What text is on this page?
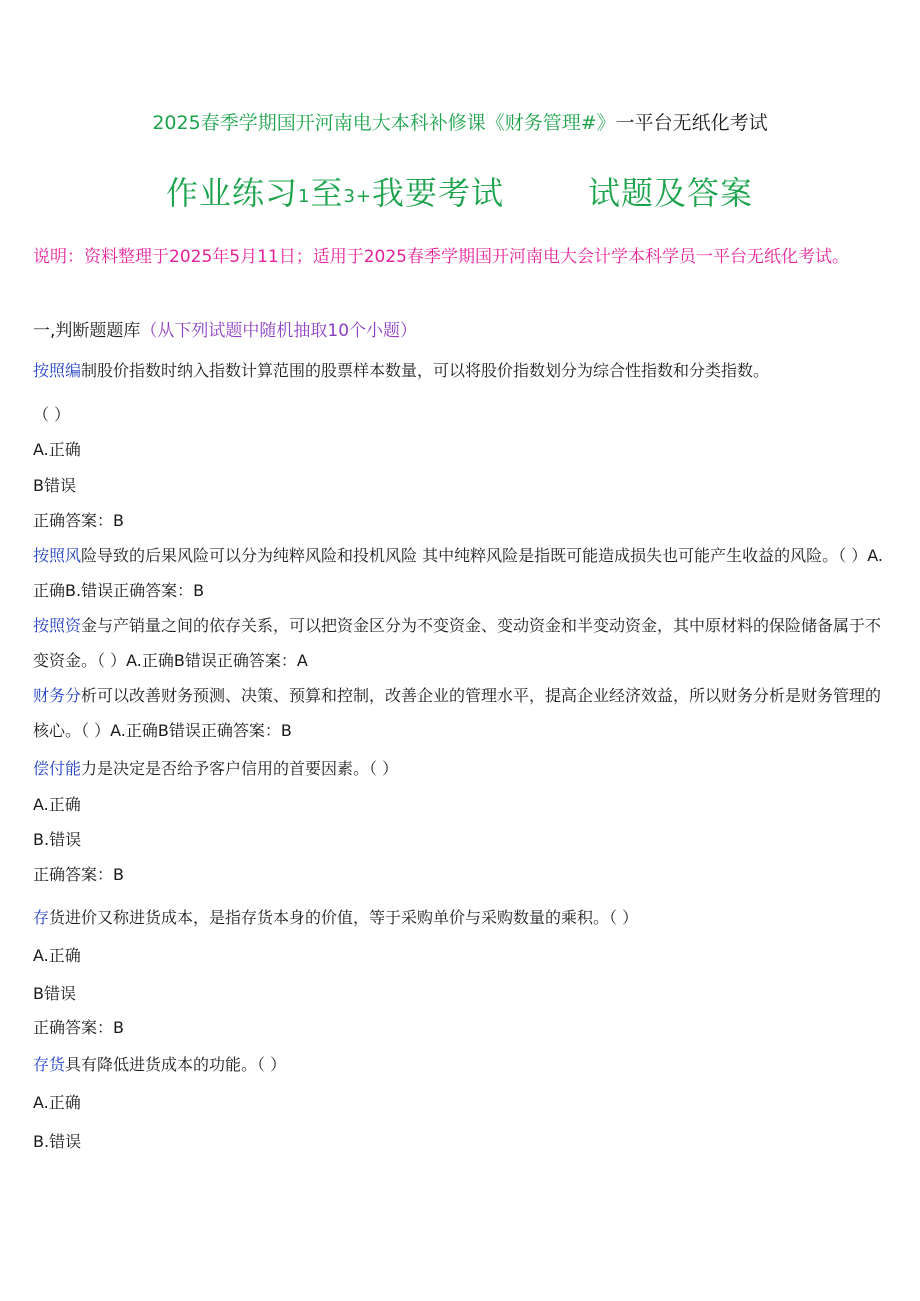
2025春季学期国开河南电大本科补修课《财务管理#》一平台无纸化考试
作业练习1至3+我要考试	试题及答案
说明：资料整理于2025年5月11日；适用于2025春季学期国开河南电大会计学本科学员一平台无纸化考试。
一,判断题题库（从下列试题中随机抽取10个小题）
按照编制股价指数时纳入指数计算范围的股票样本数量，可以将股价指数划分为综合性指数和分类指数。
（ ）
A.正确
B错误
正确答案：B
按照风险导致的后果风险可以分为纯粹风险和投机风险 其中纯粹风险是指既可能造成损失也可能产生收益的风险。（ ）A.正确B.错误正确答案：B
按照资金与产销量之间的依存关系，可以把资金区分为不变资金、变动资金和半变动资金，其中原材料的保险储备属于不变资金。（ ）A.正确B错误正确答案：A
财务分析可以改善财务预测、决策、预算和控制，改善企业的管理水平，提高企业经济效益，所以财务分析是财务管理的核心。（ ）A.正确B错误正确答案：B
偿付能力是决定是否给予客户信用的首要因素。（ ）
A.正确
B.错误
正确答案：B
存货进价又称进货成本，是指存货本身的价值，等于采购单价与采购数量的乘积。（ ）
A.正确
B错误
正确答案：B
存货具有降低进货成本的功能。（ ）
A.正确
B.错误
